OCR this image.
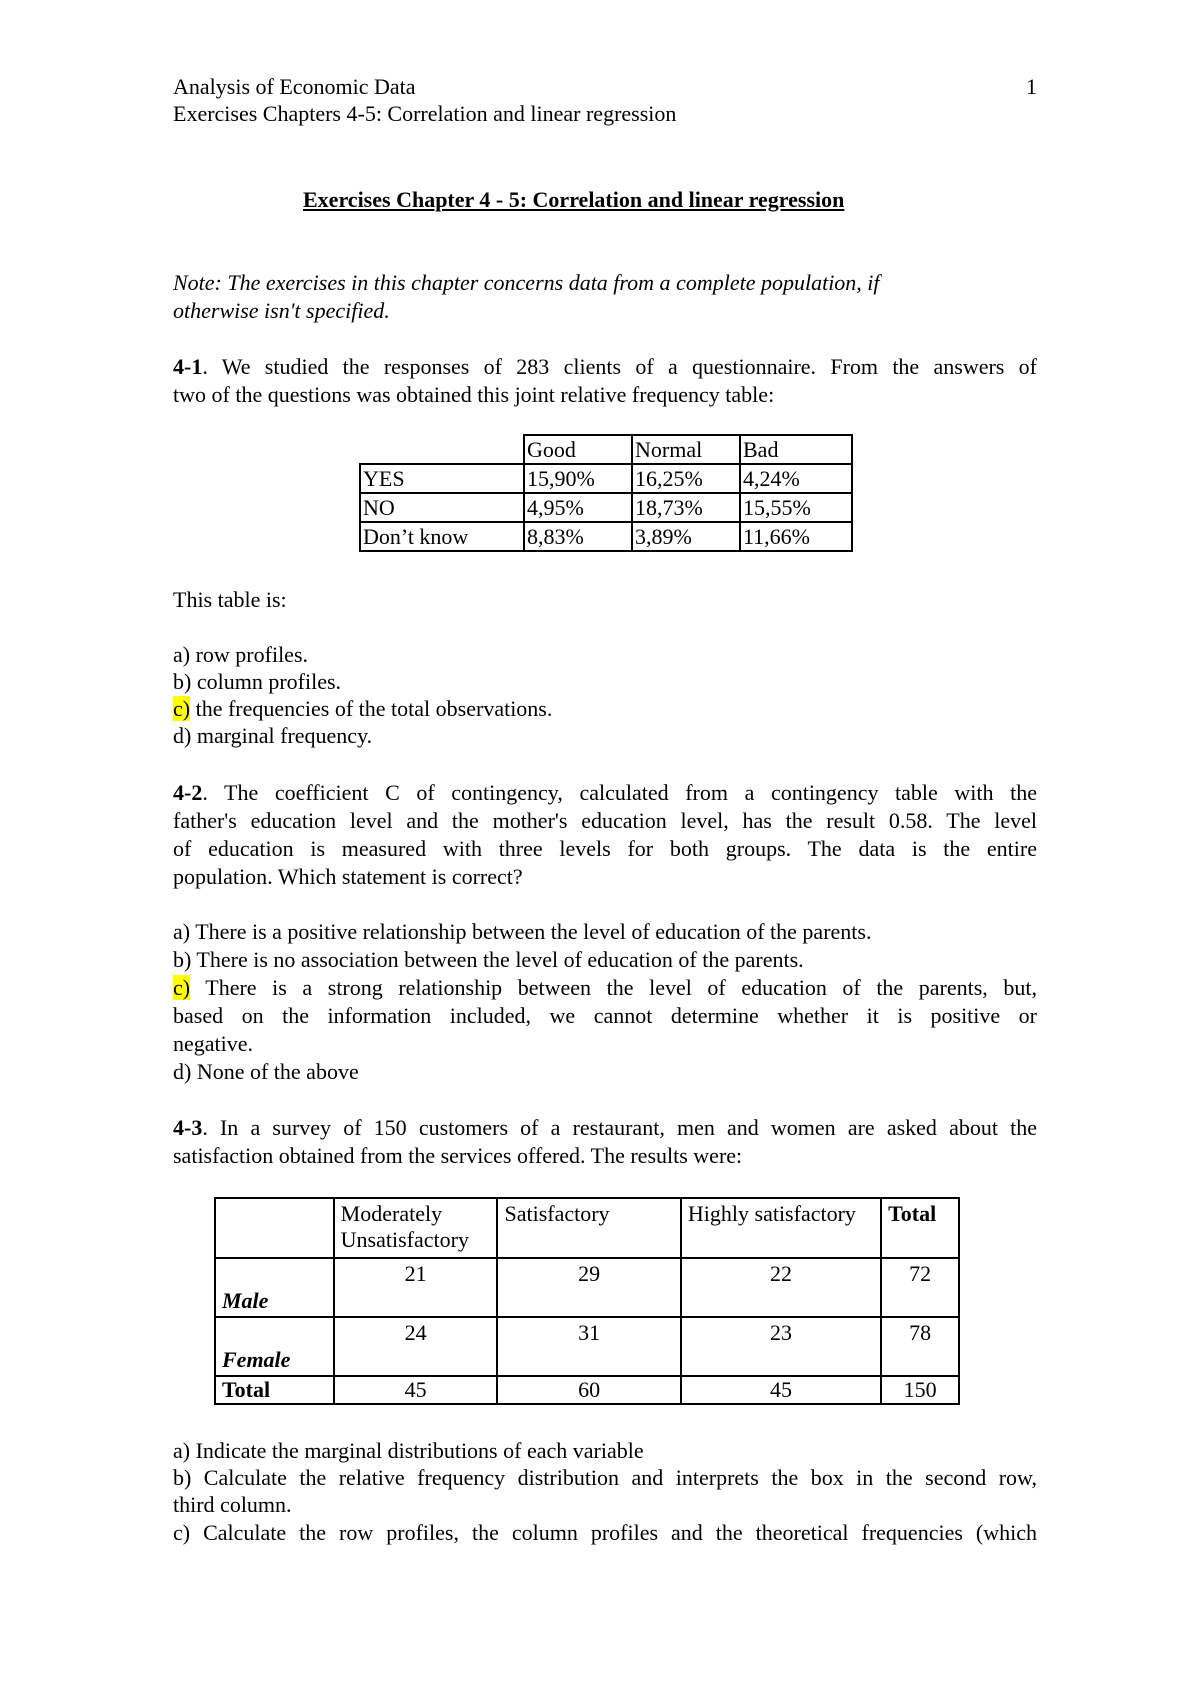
Analysis of Economic Data	1
Exercises Chapters 4-5: Correlation and linear regression
Exercises Chapter 4 - 5: Correlation and linear regression
Note: The exercises in this chapter concerns data from a complete population, if
otherwise isn't specified.
4-1. We studied the responses of 283 clients of a questionnaire. From the answers of
two of the questions was obtained this joint relative frequency table:
	Good	Normal	Bad
YES	15,90%	16,25%	4,24%
NO	4,95%	18,73%	15,55%
Don’t know	8,83%	3,89%	11,66%
This table is:
a) row profiles.
b) column profiles.
c) the frequencies of the total observations.
d) marginal frequency.
4-2. The coefficient C of contingency, calculated from a contingency table with the
father's education level and the mother's education level, has the result 0.58. The level
of education is measured with three levels for both groups. The data is the entire
population. Which statement is correct?
a) There is a positive relationship between the level of education of the parents.
b) There is no association between the level of education of the parents.
c) There is a strong relationship between the level of education of the parents, but,
based on the information included, we cannot determine whether it is positive or
negative.
d) None of the above
4-3. In a survey of 150 customers of a restaurant, men and women are asked about the
satisfaction obtained from the services offered. The results were:
	Moderately
Unsatisfactory	Satisfactory	Highly satisfactory	Total
Male	21	29	22	72
Female	24	31	23	78
Total	45	60	45	150
a) Indicate the marginal distributions of each variable
b) Calculate the relative frequency distribution and interprets the box in the second row,
third column.
c) Calculate the row profiles, the column profiles and the theoretical frequencies (which
